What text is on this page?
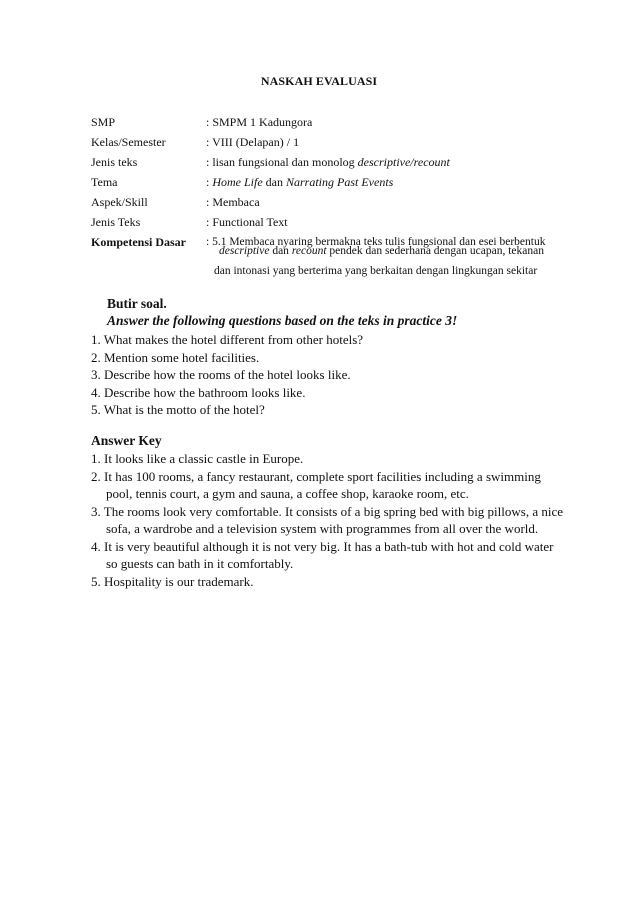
NASKAH EVALUASI
SMP	: SMPM 1 Kadungora
Kelas/Semester	: VIII (Delapan) / 1
Jenis teks	: lisan fungsional dan monolog descriptive/recount
Tema	: Home Life dan Narrating Past Events
Aspek/Skill	: Membaca
Jenis Teks	: Functional Text
Kompetensi Dasar : 5.1 Membaca nyaring bermakna teks tulis fungsional dan esei berbentuk
descriptive dan recount pendek dan sederhana dengan ucapan, tekanan
dan intonasi yang berterima yang berkaitan dengan lingkungan sekitar
Butir soal.
Answer the following questions based on the teks in practice 3!
1. What makes the hotel different from other hotels?
2. Mention some hotel facilities.
3. Describe how the rooms of the hotel looks like.
4. Describe how the bathroom looks like.
5. What is the motto of the hotel?
Answer Key
1. It looks like a classic castle in Europe.
2. It has 100 rooms, a fancy restaurant, complete sport facilities including a swimming
pool, tennis court, a gym and sauna, a coffee shop, karaoke room, etc.
3. The rooms look very comfortable. It consists of a big spring bed with big pillows, a nice
sofa, a wardrobe and a television system with programmes from all over the world.
4. It is very beautiful although it is not very big. It has a bath-tub with hot and cold water
so guests can bath in it comfortably.
5. Hospitality is our trademark.
